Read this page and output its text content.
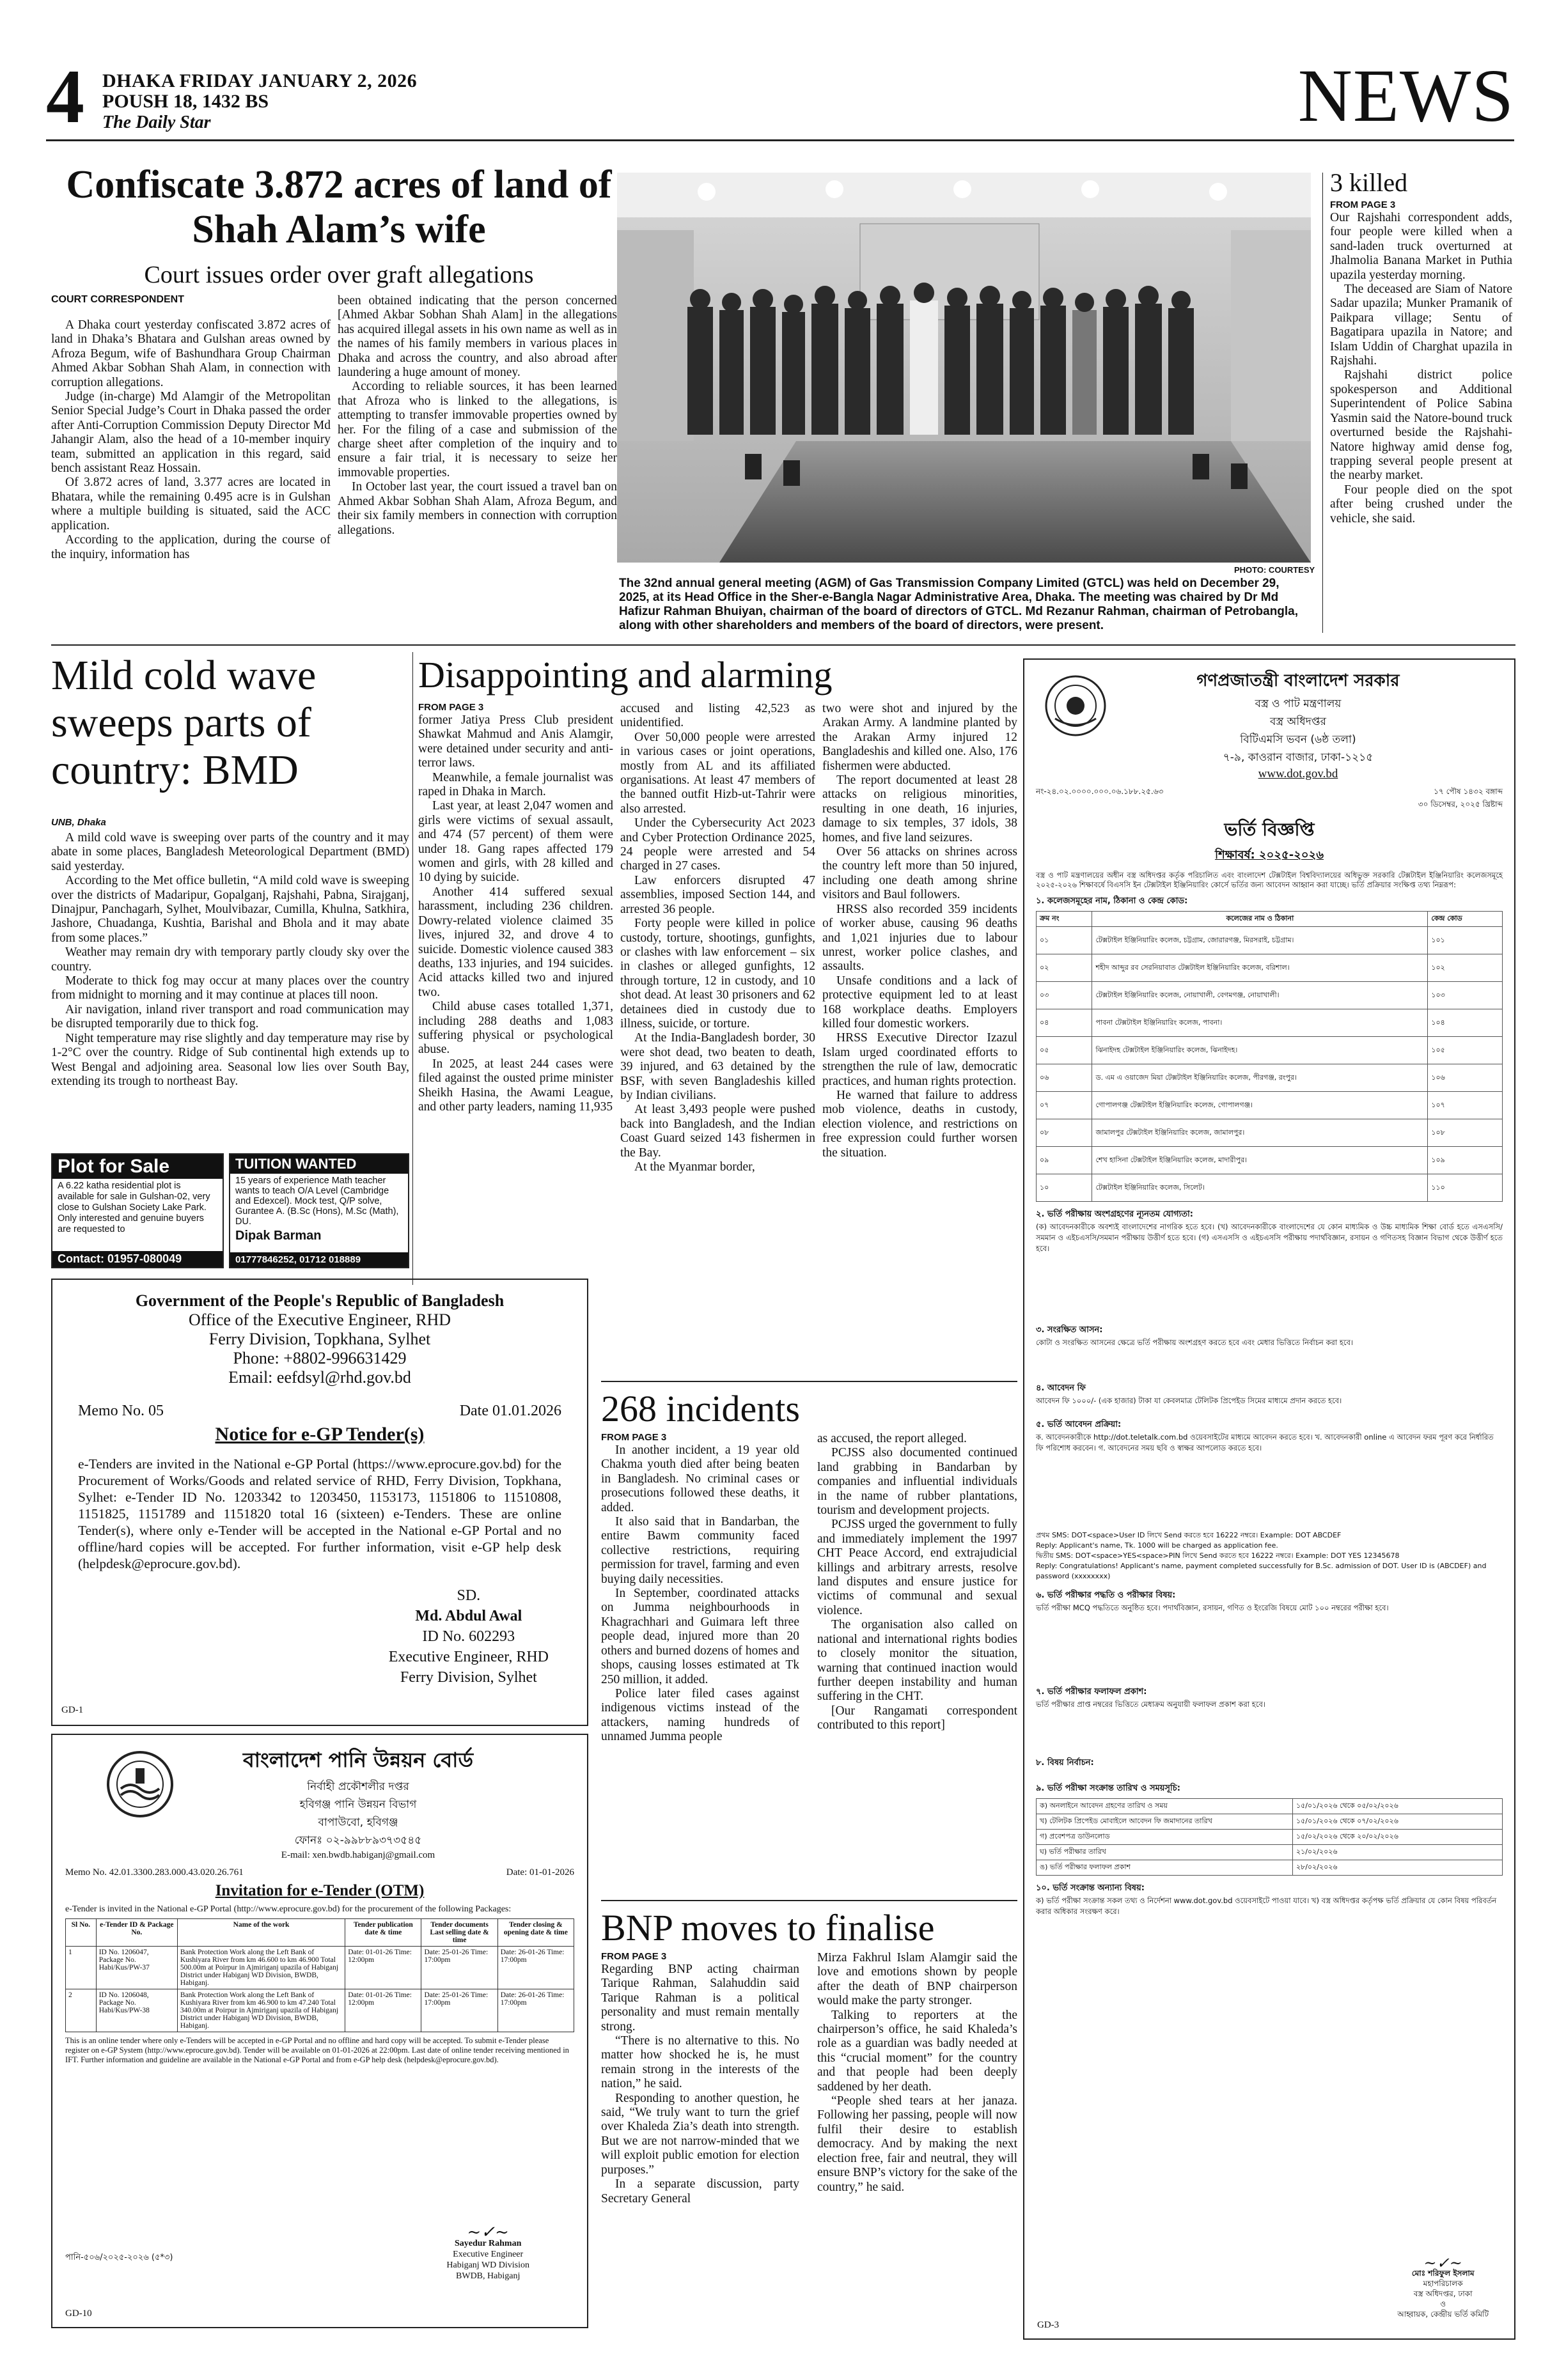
4 DHAKA FRIDAY JANUARY 2, 2026
POUSH 18, 1432 BS
The Daily Star	NEWS
Confiscate 3.872 acres of land of Shah Alam’s wife
Court issues order over graft allegations
COURT CORRESPONDENT

A Dhaka court yesterday confiscated 3.872 acres of land in Dhaka’s Bhatara and Gulshan areas owned by Afroza Begum, wife of Bashundhara Group Chairman Ahmed Akbar Sobhan Shah Alam, in connection with corruption allegations.

Judge (in-charge) Md Alamgir of the Metropolitan Senior Special Judge’s Court in Dhaka passed the order after Anti-Corruption Commission Deputy Director Md Jahangir Alam, also the head of a 10-member inquiry team, submitted an application in this regard, said bench assistant Reaz Hossain.

Of 3.872 acres of land, 3.377 acres are located in Bhatara, while the remaining 0.495 acre is in Gulshan where a multiple building is situated, said the ACC application.

According to the application, during the course of the inquiry, information has

been obtained indicating that the person concerned [Ahmed Akbar Sobhan Shah Alam] in the allegations has acquired illegal assets in his own name as well as in the names of his family members in various places in Dhaka and across the country, and also abroad after laundering a huge amount of money.

According to reliable sources, it has been learned that Afroza who is linked to the allegations, is attempting to transfer immovable properties owned by her. For the filing of a case and submission of the charge sheet after completion of the inquiry and to ensure a fair trial, it is necessary to seize her immovable properties.

In October last year, the court issued a travel ban on Ahmed Akbar Sobhan Shah Alam, Afroza Begum, and their six family members in connection with corruption allegations.

PHOTO: COURTESY
The 32nd annual general meeting (AGM) of Gas Transmission Company Limited (GTCL) was held on December 29, 2025, at its Head Office in the Sher-e-Bangla Nagar Administrative Area, Dhaka. The meeting was chaired by Dr Md Hafizur Rahman Bhuiyan, chairman of the board of directors of GTCL. Md Rezanur Rahman, chairman of Petrobangla, along with other shareholders and members of the board of directors, were present.
3 killed
FROM PAGE 3

Our Rajshahi correspondent adds, four people were killed when a sand-laden truck overturned at Jhalmolia Banana Market in Puthia upazila yesterday morning.

The deceased are Siam of Natore Sadar upazila; Munker Pramanik of Paikpara village; Sentu of Bagatipara upazila in Natore; and Islam Uddin of Charghat upazila in Rajshahi.

Rajshahi district police spokesperson and Additional Superintendent of Police Sabina Yasmin said the Natore-bound truck overturned beside the Rajshahi-Natore highway amid dense fog, trapping several people present at the nearby market.

Four people died on the spot after being crushed under the vehicle, she said.

Mild cold wave sweeps parts of country: BMD
UNB, Dhaka

A mild cold wave is sweeping over parts of the country and it may abate in some places, Bangladesh Meteorological Department (BMD) said yesterday.

According to the Met office bulletin, “A mild cold wave is sweeping over the districts of Madaripur, Gopalganj, Rajshahi, Pabna, Sirajganj, Dinajpur, Panchagarh, Sylhet, Moulvibazar, Cumilla, Khulna, Satkhira, Jashore, Chuadanga, Kushtia, Barishal and Bhola and it may abate from some places.”

Weather may remain dry with temporary partly cloudy sky over the country.

Moderate to thick fog may occur at many places over the country from midnight to morning and it may continue at places till noon.

Air navigation, inland river transport and road communication may be disrupted temporarily due to thick fog.

Night temperature may rise slightly and day temperature may rise by 1-2°C over the country. Ridge of Sub continental high extends up to West Bengal and adjoining area. Seasonal low lies over South Bay, extending its trough to northeast Bay.

Plot for Sale
A 6.22 katha residential plot is available for sale in Gulshan-02, very close to Gulshan Society Lake Park. Only interested and genuine buyers are requested to
Contact: 01957-080049
TUITION WANTED
15 years of experience Math teacher wants to teach O/A Level (Cambridge and Edexcel). Mock test, Q/P solve, Gurantee A. (B.Sc (Hons), M.Sc (Math), DU.
Dipak Barman
01777846252, 01712 018889
Government of the People's Republic of Bangladesh
Office of the Executive Engineer, RHD
Ferry Division, Topkhana, Sylhet
Phone: +8802-996631429
Email: eefdsyl@rhd.gov.bd
Memo No. 05	Date 01.01.2026
Notice for e-GP Tender(s)
e-Tenders are invited in the National e-GP Portal (https://www.eprocure.gov.bd) for the Procurement of Works/Goods and related service of RHD, Ferry Division, Topkhana, Sylhet: e-Tender ID No. 1203342 to 1203450, 1153173, 1151806 to 11510808, 1151825, 1151789 and 1151820 total 16 (sixteen) e-Tenders. These are online Tender(s), where only e-Tender will be accepted in the National e-GP Portal and no offline/hard copies will be accepted. For further information, visit e-GP help desk (helpdesk@eprocure.gov.bd).
SD.
Md. Abdul Awal
ID No. 602293
Executive Engineer, RHD
Ferry Division, Sylhet
GD-1
বাংলাদেশ পানি উন্নয়ন বোর্ড
নির্বাহী প্রকৌশলীর দপ্তর
হবিগঞ্জ পানি উন্নয়ন বিভাগ
বাপাউবো, হবিগঞ্জ
ফোনঃ ০২-৯৯৮৮৯৩৭৩৫৪৫
E-mail: xen.bwdb.habiganj@gmail.com
Memo No. 42.01.3300.283.000.43.020.26.761	Date: 01-01-2026
Invitation for e-Tender (OTM)
e-Tender is invited in the National e-GP Portal (http://www.eprocure.gov.bd) for the procurement of the following Packages:
Sl No.	e-Tender ID & Package No.	Name of the work	Tender publication date & time	Tender documents Last selling date & time	Tender closing & opening date & time
1	ID No. 1206047, Package No. Habi/Kus/PW-37	Bank Protection Work along the Left Bank of Kushiyara River from km 46.600 to km 46.900 Total 500.00m at Poirpur in Ajmiriganj upazila of Habiganj District under Habiganj WD Division, BWDB, Habiganj.	Date: 01-01-26 Time: 12:00pm	Date: 25-01-26 Time: 17:00pm	Date: 26-01-26 Time: 17:00pm
2	ID No. 1206048, Package No. Habi/Kus/PW-38	Bank Protection Work along the Left Bank of Kushiyara River from km 46.900 to km 47.240 Total 340.00m at Poirpur in Ajmiriganj upazila of Habiganj District under Habiganj WD Division, BWDB, Habiganj.	Date: 01-01-26 Time: 12:00pm	Date: 25-01-26 Time: 17:00pm	Date: 26-01-26 Time: 17:00pm
This is an online tender where only e-Tenders will be accepted in e-GP Portal and no offline and hard copy will be accepted. To submit e-Tender please register on e-GP System (http://www.eprocure.gov.bd). Tender will be available on 01-01-2026 at 22:00pm. Last date of online tender receiving mentioned in IFT. Further information and guideline are available in the National e-GP Portal and from e-GP help desk (helpdesk@eprocure.gov.bd).
পানি-৫০৬/২০২৫-২০২৬ (৫*৩)
~✓~
Sayedur Rahman
Executive Engineer
Habiganj WD Division
BWDB, Habiganj
GD-10
Disappointing and alarming
FROM PAGE 3

former Jatiya Press Club president Shawkat Mahmud and Anis Alamgir, were detained under security and anti-terror laws.

Meanwhile, a female journalist was raped in Dhaka in March.

Last year, at least 2,047 women and girls were victims of sexual assault, and 474 (57 percent) of them were under 18. Gang rapes affected 179 women and girls, with 28 killed and 10 dying by suicide.

Another 414 suffered sexual harassment, including 236 children. Dowry-related violence claimed 35 lives, injured 32, and drove 4 to suicide. Domestic violence caused 383 deaths, 133 injuries, and 194 suicides. Acid attacks killed two and injured two.

Child abuse cases totalled 1,371, including 288 deaths and 1,083 suffering physical or psychological abuse.

In 2025, at least 244 cases were filed against the ousted prime minister Sheikh Hasina, the Awami League, and other party leaders, naming 11,935

accused and listing 42,523 as unidentified.

Over 50,000 people were arrested in various cases or joint operations, mostly from AL and its affiliated organisations. At least 47 members of the banned outfit Hizb-ut-Tahrir were also arrested.

Under the Cybersecurity Act 2023 and Cyber Protection Ordinance 2025, 24 people were arrested and 54 charged in 27 cases.

Law enforcers disrupted 47 assemblies, imposed Section 144, and arrested 36 people.

Forty people were killed in police custody, torture, shootings, gunfights, or clashes with law enforcement – six in clashes or alleged gunfights, 12 through torture, 12 in custody, and 10 shot dead. At least 30 prisoners and 62 detainees died in custody due to illness, suicide, or torture.

At the India-Bangladesh border, 30 were shot dead, two beaten to death, 39 injured, and 63 detained by the BSF, with seven Bangladeshis killed by Indian civilians.

At least 3,493 people were pushed back into Bangladesh, and the Indian Coast Guard seized 143 fishermen in the Bay.

At the Myanmar border,

two were shot and injured by the Arakan Army. A landmine planted by the Arakan Army injured 12 Bangladeshis and killed one. Also, 176 fishermen were abducted.

The report documented at least 28 attacks on religious minorities, resulting in one death, 16 injuries, damage to six temples, 37 idols, 38 homes, and five land seizures.

Over 56 attacks on shrines across the country left more than 50 injured, including one death among shrine visitors and Baul followers.

HRSS also recorded 359 incidents of worker abuse, causing 96 deaths and 1,021 injuries due to labour unrest, worker police clashes, and assaults.

Unsafe conditions and a lack of protective equipment led to at least 168 workplace deaths. Employers killed four domestic workers.

HRSS Executive Director Izazul Islam urged coordinated efforts to strengthen the rule of law, democratic practices, and human rights protection.

He warned that failure to address mob violence, deaths in custody, election violence, and restrictions on free expression could further worsen the situation.

268 incidents
FROM PAGE 3

In another incident, a 19 year old Chakma youth died after being beaten in Bangladesh. No criminal cases or prosecutions followed these deaths, it added.

It also said that in Bandarban, the entire Bawm community faced collective restrictions, requiring permission for travel, farming and even buying daily necessities.

In September, coordinated attacks on Jumma neighbourhoods in Khagrachhari and Guimara left three people dead, injured more than 20 others and burned dozens of homes and shops, causing losses estimated at Tk 250 million, it added.

Police later filed cases against indigenous victims instead of the attackers, naming hundreds of unnamed Jumma people

as accused, the report alleged.

PCJSS also documented continued land grabbing in Bandarban by companies and influential individuals in the name of rubber plantations, tourism and development projects.

PCJSS urged the government to fully and immediately implement the 1997 CHT Peace Accord, end extrajudicial killings and arbitrary arrests, resolve land disputes and ensure justice for victims of communal and sexual violence.

The organisation also called on national and international rights bodies to closely monitor the situation, warning that continued inaction would further deepen instability and human suffering in the CHT.

[Our Rangamati correspondent contributed to this report]

BNP moves to finalise
FROM PAGE 3

Regarding BNP acting chairman Tarique Rahman, Salahuddin said Tarique Rahman is a political personality and must remain mentally strong.

“There is no alternative to this. No matter how shocked he is, he must remain strong in the interests of the nation,” he said.

Responding to another question, he said, “We truly want to turn the grief over Khaleda Zia’s death into strength. But we are not narrow-minded that we will exploit public emotion for election purposes.”

In a separate discussion, party Secretary General

Mirza Fakhrul Islam Alamgir said the love and emotions shown by people after the death of BNP chairperson would make the party stronger.

Talking to reporters at the chairperson’s office, he said Khaleda’s role as a guardian was badly needed at this “crucial moment” for the country and that people had been deeply saddened by her death.

“People shed tears at her janaza. Following her passing, people will now fulfil their desire to establish democracy. And by making the next election free, fair and neutral, they will ensure BNP’s victory for the sake of the country,” he said.

গণপ্রজাতন্ত্রী বাংলাদেশ সরকার
বস্ত্র ও পাট মন্ত্রণালয়
বস্ত্র অধিদপ্তর
বিটিএমসি ভবন (৬ষ্ঠ তলা)
৭-৯, কাওরান বাজার, ঢাকা-১২১৫
www.dot.gov.bd
নং-২৪.০২.০০০০.০০০.০৬.১৮৮.২৫.৬৩	১৭ পৌষ ১৪৩২ বঙ্গাব্দ
৩০ ডিসেম্বর, ২০২৫ খ্রিষ্টাব্দ
ভর্তি বিজ্ঞপ্তি
শিক্ষাবর্ষ: ২০২৫-২০২৬
বস্ত্র ও পাট মন্ত্রণালয়ের অধীন বস্ত্র অধিদপ্তর কর্তৃক পরিচালিত এবং বাংলাদেশ টেক্সটাইল বিশ্ববিদ্যালয়ের অধিভুক্ত সরকারি টেক্সটাইল ইঞ্জিনিয়ারিং কলেজসমূহে ২০২৫-২০২৬ শিক্ষাবর্ষে বিএসসি ইন টেক্সটাইল ইঞ্জিনিয়ারিং কোর্সে ভর্তির জন্য আবেদন আহ্বান করা যাচ্ছে। ভর্তি প্রক্রিয়ার সংক্ষিপ্ত তথ্য নিম্নরূপ:
১. কলেজসমূহের নাম, ঠিকানা ও কেন্দ্র কোড:
ক্রম নং	কলেজের নাম ও ঠিকানা	কেন্দ্র কোড
০১	টেক্সটাইল ইঞ্জিনিয়ারিং কলেজ, চট্টগ্রাম, জোরারগঞ্জ, মিরসরাই, চট্টগ্রাম।	১০১
০২	শহীদ আব্দুর রব সেরনিয়াবাত টেক্সটাইল ইঞ্জিনিয়ারিং কলেজ, বরিশাল।	১০২
০৩	টেক্সটাইল ইঞ্জিনিয়ারিং কলেজ, নোয়াখালী, বেগমগঞ্জ, নোয়াখালী।	১০৩
০৪	পাবনা টেক্সটাইল ইঞ্জিনিয়ারিং কলেজ, পাবনা।	১০৪
০৫	ঝিনাইদহ টেক্সটাইল ইঞ্জিনিয়ারিং কলেজ, ঝিনাইদহ।	১০৫
০৬	ড. এম এ ওয়াজেদ মিয়া টেক্সটাইল ইঞ্জিনিয়ারিং কলেজ, পীরগঞ্জ, রংপুর।	১০৬
০৭	গোপালগঞ্জ টেক্সটাইল ইঞ্জিনিয়ারিং কলেজ, গোপালগঞ্জ।	১০৭
০৮	জামালপুর টেক্সটাইল ইঞ্জিনিয়ারিং কলেজ, জামালপুর।	১০৮
০৯	শেখ হাসিনা টেক্সটাইল ইঞ্জিনিয়ারিং কলেজ, মাদারীপুর।	১০৯
১০	টেক্সটাইল ইঞ্জিনিয়ারিং কলেজ, সিলেট।	১১০
২. ভর্তি পরীক্ষায় অংশগ্রহণের ন্যূনতম যোগ্যতা:
(ক) আবেদনকারীকে অবশ্যই বাংলাদেশের নাগরিক হতে হবে। (খ) আবেদনকারীকে বাংলাদেশের যে কোন মাধ্যমিক ও উচ্চ মাধ্যমিক শিক্ষা বোর্ড হতে এসএসসি/সমমান ও এইচএসসি/সমমান পরীক্ষায় উত্তীর্ণ হতে হবে। (গ) এসএসসি ও এইচএসসি পরীক্ষায় পদার্থবিজ্ঞান, রসায়ন ও গণিতসহ বিজ্ঞান বিভাগ থেকে উত্তীর্ণ হতে হবে।
৩. সংরক্ষিত আসন:
কোটা ও সংরক্ষিত আসনের ক্ষেত্রে ভর্তি পরীক্ষায় অংশগ্রহণ করতে হবে এবং মেধার ভিত্তিতে নির্বাচন করা হবে।
৪. আবেদন ফি
আবেদন ফি ১০০০/- (এক হাজার) টাকা যা কেবলমাত্র টেলিটক প্রিপেইড সিমের মাধ্যমে প্রদান করতে হবে।
৫. ভর্তি আবেদন প্রক্রিয়া:
ক. আবেদনকারীকে http://dot.teletalk.com.bd ওয়েবসাইটের মাধ্যমে আবেদন করতে হবে। খ. আবেদনকারী online এ আবেদন ফরম পূরণ করে নির্ধারিত ফি পরিশোধ করবেন। গ. আবেদনের সময় ছবি ও স্বাক্ষর আপলোড করতে হবে।
প্রথম SMS: DOT<space>User ID লিখে Send করতে হবে 16222 নম্বরে। Example: DOT ABCDEF
Reply: Applicant's name, Tk. 1000 will be charged as application fee.
দ্বিতীয় SMS: DOT<space>YES<space>PIN লিখে Send করতে হবে 16222 নম্বরে। Example: DOT YES 12345678
Reply: Congratulations! Applicant's name, payment completed successfully for B.Sc. admission of DOT. User ID is (ABCDEF) and password (xxxxxxxx)
৬. ভর্তি পরীক্ষার পদ্ধতি ও পরীক্ষার বিষয়:
ভর্তি পরীক্ষা MCQ পদ্ধতিতে অনুষ্ঠিত হবে। পদার্থবিজ্ঞান, রসায়ন, গণিত ও ইংরেজি বিষয়ে মোট ১০০ নম্বরের পরীক্ষা হবে।
৭. ভর্তি পরীক্ষার ফলাফল প্রকাশ:
ভর্তি পরীক্ষার প্রাপ্ত নম্বরের ভিত্তিতে মেধাক্রম অনুযায়ী ফলাফল প্রকাশ করা হবে।
৮. বিষয় নির্বাচন:
৯. ভর্তি পরীক্ষা সংক্রান্ত তারিখ ও সময়সূচি:
ক) অনলাইনে আবেদন গ্রহণের তারিখ ও সময়	১৫/০১/২০২৬ থেকে ০৫/০২/২০২৬
খ) টেলিটক প্রিপেইড মোবাইলে আবেদন ফি জমাদানের তারিখ	১৫/০১/২০২৬ থেকে ০৭/০২/২০২৬
গ) প্রবেশপত্র ডাউনলোড	১৫/০২/২০২৬ থেকে ২০/০২/২০২৬
ঘ) ভর্তি পরীক্ষার তারিখ	২১/০২/২০২৬
ঙ) ভর্তি পরীক্ষার ফলাফল প্রকাশ	২৮/০২/২০২৬
১০. ভর্তি সংক্রান্ত অন্যান্য বিষয়:
ক) ভর্তি পরীক্ষা সংক্রান্ত সকল তথ্য ও নির্দেশনা www.dot.gov.bd ওয়েবসাইটে পাওয়া যাবে। খ) বস্ত্র অধিদপ্তর কর্তৃপক্ষ ভর্তি প্রক্রিয়ার যে কোন বিষয় পরিবর্তন করার অধিকার সংরক্ষণ করে।
~✓~
মোঃ শরিফুল ইসলাম
মহাপরিচালক
বস্ত্র অধিদপ্তর, ঢাকা
ও
আহ্বায়ক, কেন্দ্রীয় ভর্তি কমিটি
GD-3
